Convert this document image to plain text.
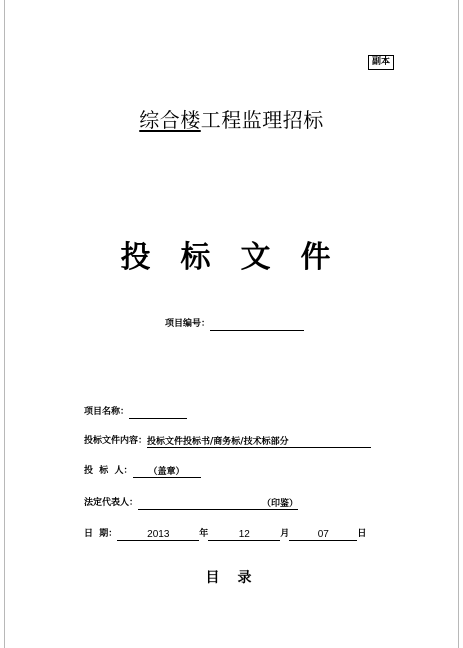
副本
综合楼工程监理招标
投标文件
项目编号：
项目名称：
投标文件内容：投标文件投标书/商务标/技术标部分
投  标  人： （盖章）
法定代表人：	（印鉴）
日  期：	2013	年	12	月	07	日
目录
